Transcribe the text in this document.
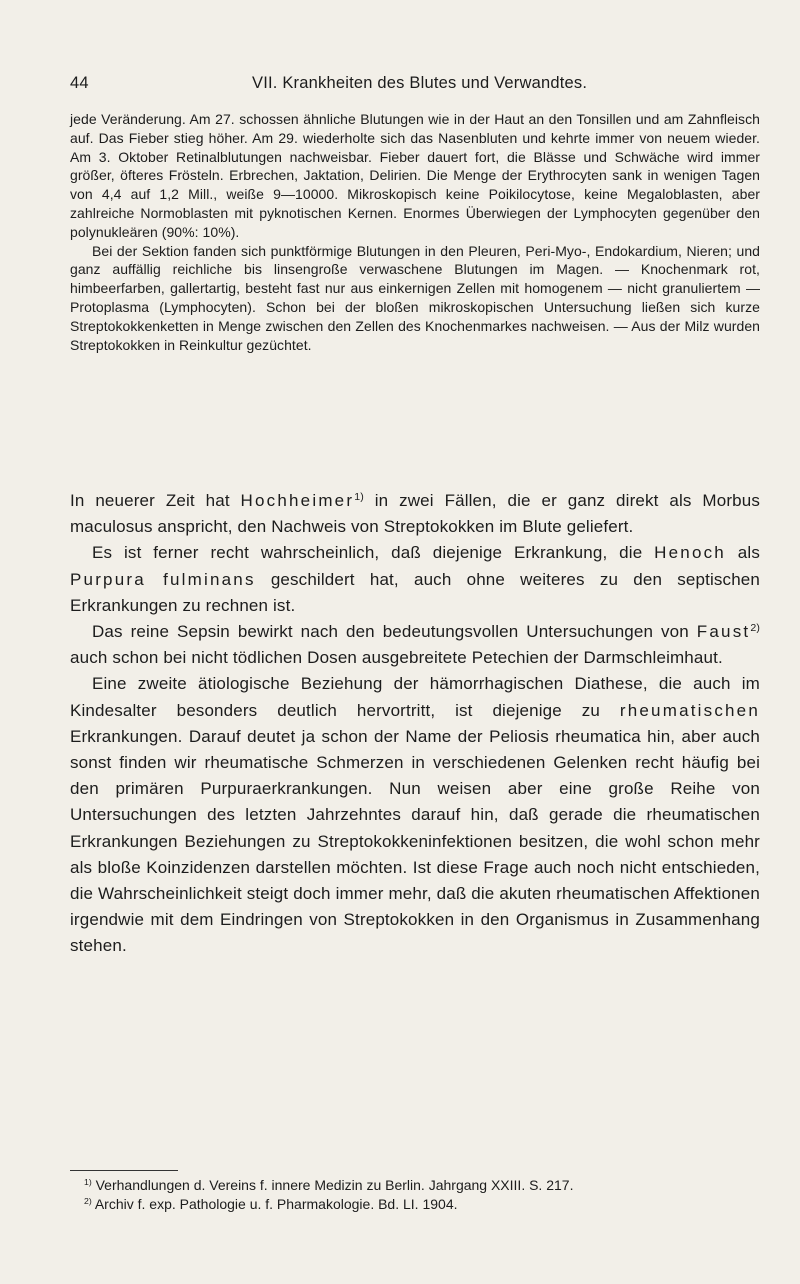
44	VII. Krankheiten des Blutes und Verwandtes.

jede Veränderung. Am 27. schossen ähnliche Blutungen wie in der Haut an den Tonsillen und am Zahnfleisch auf. Das Fieber stieg höher. Am 29. wiederholte sich das Nasenbluten und kehrte immer von neuem wieder. Am 3. Oktober Retinalblutungen nachweisbar. Fieber dauert fort, die Blässe und Schwäche wird immer größer, öfteres Frösteln. Erbrechen, Jaktation, Delirien. Die Menge der Erythrocyten sank in wenigen Tagen von 4,4 auf 1,2 Mill., weiße 9—10000. Mikroskopisch keine Poikilocytose, keine Megaloblasten, aber zahlreiche Normoblasten mit pyknotischen Kernen. Enormes Überwiegen der Lymphocyten gegenüber den polynukleären (90%: 10%).

Bei der Sektion fanden sich punktförmige Blutungen in den Pleuren, Peri-Myo-, Endokardium, Nieren; und ganz auffällig reichliche bis linsengroße verwaschene Blutungen im Magen. — Knochenmark rot, himbeerfarben, gallertartig, besteht fast nur aus einkernigen Zellen mit homogenem — nicht granuliertem — Protoplasma (Lymphocyten). Schon bei der bloßen mikroskopischen Untersuchung ließen sich kurze Streptokokkenketten in Menge zwischen den Zellen des Knochenmarkes nachweisen. — Aus der Milz wurden Streptokokken in Reinkultur gezüchtet.

In neuerer Zeit hat Hochheimer$^{1)}$ in zwei Fällen, die er ganz direkt als Morbus maculosus anspricht, den Nachweis von Streptokokken im Blute geliefert.

Es ist ferner recht wahrscheinlich, daß diejenige Erkrankung, die Henoch als Purpura fulminans geschildert hat, auch ohne weiteres zu den septischen Erkrankungen zu rechnen ist.

Das reine Sepsin bewirkt nach den bedeutungsvollen Untersuchungen von Faust$^{2)}$ auch schon bei nicht tödlichen Dosen ausgebreitete Petechien der Darmschleimhaut.

Eine zweite ätiologische Beziehung der hämorrhagischen Diathese, die auch im Kindesalter besonders deutlich hervortritt, ist diejenige zu rheumatischen Erkrankungen. Darauf deutet ja schon der Name der Peliosis rheumatica hin, aber auch sonst finden wir rheumatische Schmerzen in verschiedenen Gelenken recht häufig bei den primären Purpuraerkrankungen. Nun weisen aber eine große Reihe von Untersuchungen des letzten Jahrzehntes darauf hin, daß gerade die rheumatischen Erkrankungen Beziehungen zu Streptokokkeninfektionen besitzen, die wohl schon mehr als bloße Koinzidenzen darstellen möchten. Ist diese Frage auch noch nicht entschieden, die Wahrscheinlichkeit steigt doch immer mehr, daß die akuten rheumatischen Affektionen irgendwie mit dem Eindringen von Streptokokken in den Organismus in Zusammenhang stehen.

$^{1)}$ Verhandlungen d. Vereins f. innere Medizin zu Berlin. Jahrgang XXIII. S. 217.

$^{2)}$ Archiv f. exp. Pathologie u. f. Pharmakologie. Bd. LI. 1904.
